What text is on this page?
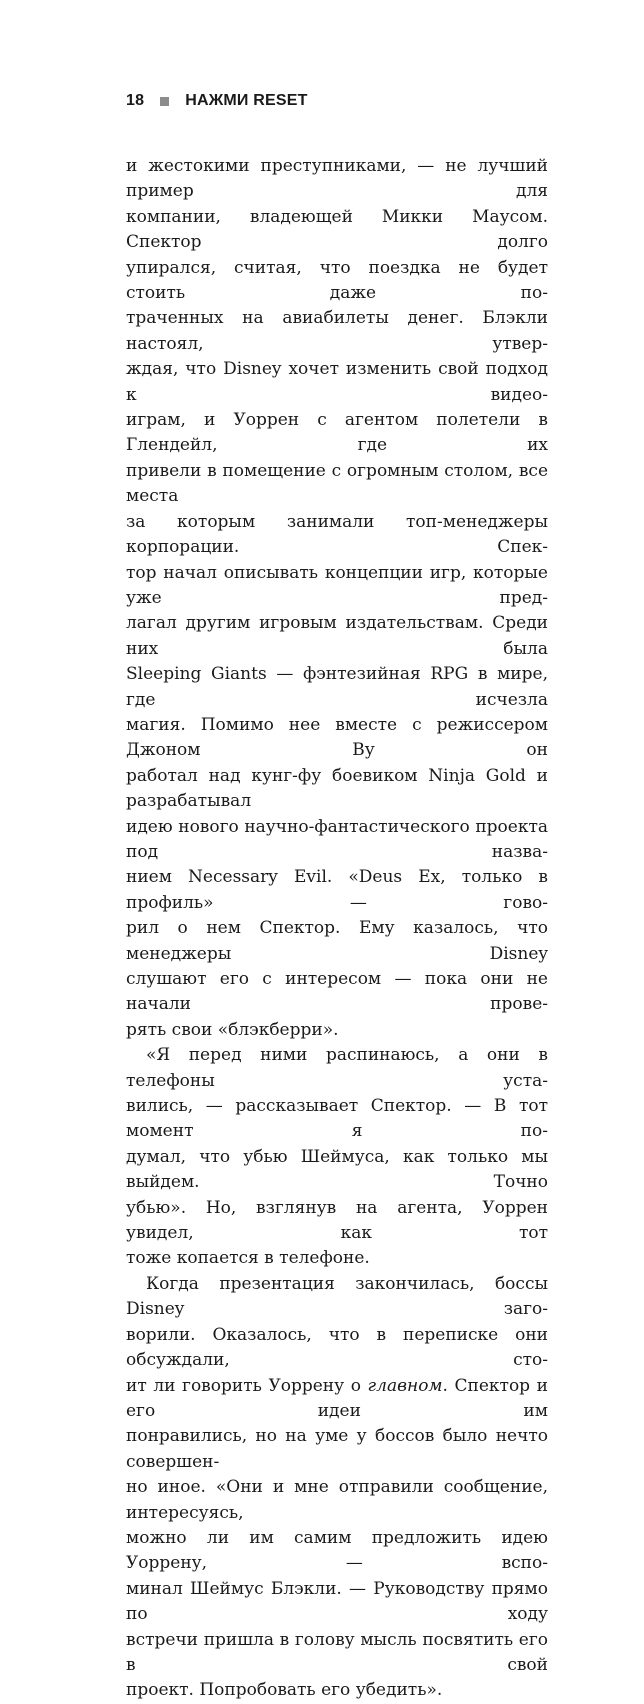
18	НАЖМИ RESET

и жестокими преступниками, — не лучший пример для
компании, владеющей Микки Маусом. Спектор долго
упирался, считая, что поездка не будет стоить даже по-
траченных на авиабилеты денег. Блэкли настоял, утвер-
ждая, что Disney хочет изменить свой подход к видео-
играм, и Уоррен с агентом полетели в Глендейл, где их
привели в помещение с огромным столом, все места
за которым занимали топ-менеджеры корпорации. Спек-
тор начал описывать концепции игр, которые уже пред-
лагал другим игровым издательствам. Среди них была
Sleeping Giants — фэнтезийная RPG в мире, где исчезла
магия. Помимо нее вместе с режиссером Джоном Ву он
работал над кунг-фу боевиком Ninja Gold и разрабатывал
идею нового научно-фантастического проекта под назва-
нием Necessary Evil. «Deus Ex, только в профиль» — гово-
рил о нем Спектор. Ему казалось, что менеджеры Disney
слушают его с интересом — пока они не начали прове-
рять свои «блэкберри».

«Я перед ними распинаюсь, а они в телефоны уста-
вились, — рассказывает Спектор. — В тот момент я по-
думал, что убью Шеймуса, как только мы выйдем. Точно
убью». Но, взглянув на агента, Уоррен увидел, как тот
тоже копается в телефоне.

Когда презентация закончилась, боссы Disney заго-
ворили. Оказалось, что в переписке они обсуждали, сто-
ит ли говорить Уоррену о главном. Спектор и его идеи им
понравились, но на уме у боссов было нечто совершен-
но иное. «Они и мне отправили сообщение, интересуясь,
можно ли им самим предложить идею Уоррену, — вспо-
минал Шеймус Блэкли. — Руководству прямо по ходу
встречи пришла в голову мысль посвятить его в свой
проект. Попробовать его убедить».
